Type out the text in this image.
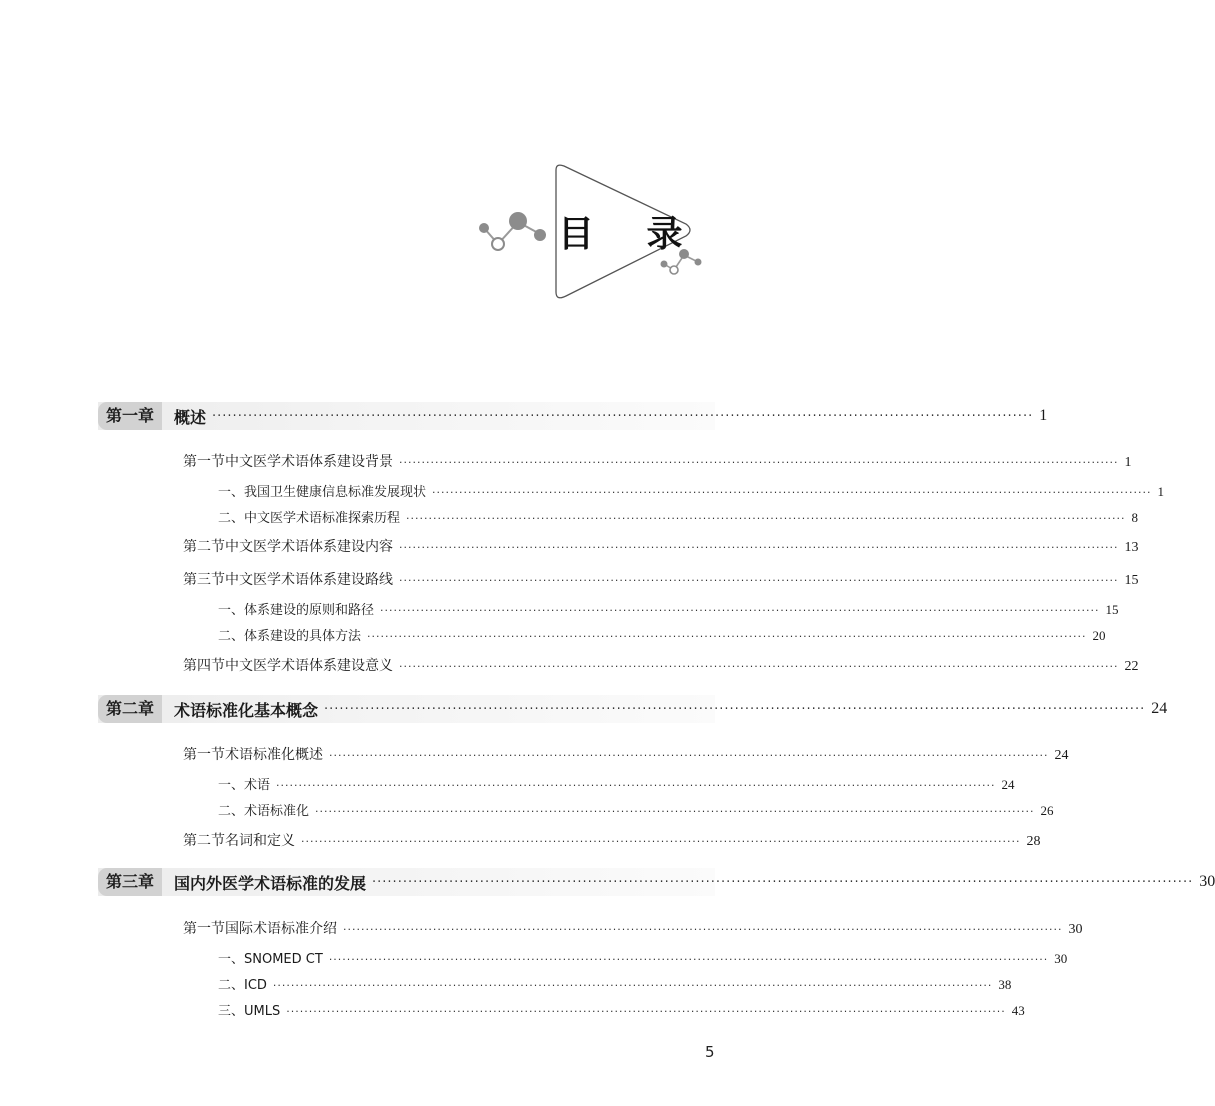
目 录
第一章	概述 ································································································································································ 1
第一节 中文医学术语体系建设背景 ································································································································································ 1
一、我国卫生健康信息标准发展现状 ································································································································································ 1
二、中文医学术语标准探索历程 ································································································································································ 8
第二节 中文医学术语体系建设内容 ································································································································································ 13
第三节 中文医学术语体系建设路线 ································································································································································ 15
一、体系建设的原则和路径 ································································································································································ 15
二、体系建设的具体方法 ································································································································································ 20
第四节 中文医学术语体系建设意义 ································································································································································ 22
第二章	术语标准化基本概念 ································································································································································ 24
第一节 术语标准化概述 ································································································································································ 24
一、术语 ································································································································································ 24
二、术语标准化 ································································································································································ 26
第二节 名词和定义 ································································································································································ 28
第三章	国内外医学术语标准的发展 ································································································································································ 30
第一节 国际术语标准介绍 ································································································································································ 30
一、SNOMED CT ································································································································································ 30
二、ICD ································································································································································ 38
三、UMLS ································································································································································ 43
5
